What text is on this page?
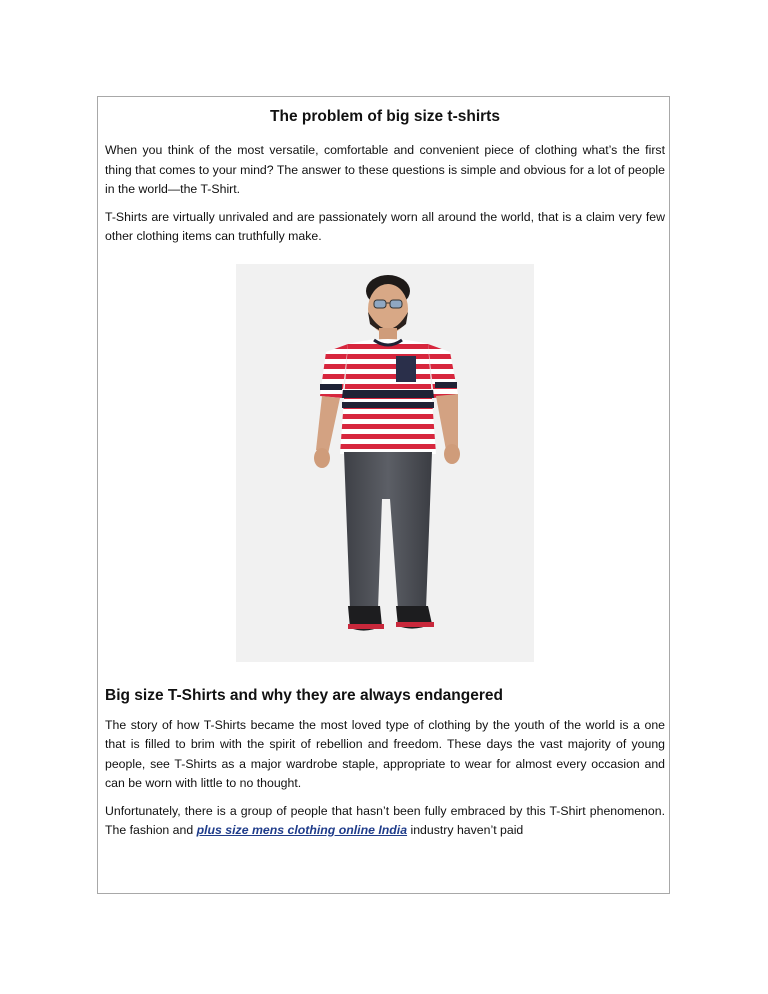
The problem of big size t-shirts

When you think of the most versatile, comfortable and convenient piece of clothing what’s the first thing that comes to your mind? The answer to these questions is simple and obvious for a lot of people in the world—the T-Shirt.

T-Shirts are virtually unrivaled and are passionately worn all around the world, that is a claim very few other clothing items can truthfully make.

Big size T-Shirts and why they are always endangered

The story of how T-Shirts became the most loved type of clothing by the youth of the world is a one that is filled to brim with the spirit of rebellion and freedom. These days the vast majority of young people, see T-Shirts as a major wardrobe staple, appropriate to wear for almost every occasion and can be worn with little to no thought.

Unfortunately, there is a group of people that hasn’t been fully embraced by this T-Shirt phenomenon. The fashion and plus size mens clothing online India industry haven’t paid
